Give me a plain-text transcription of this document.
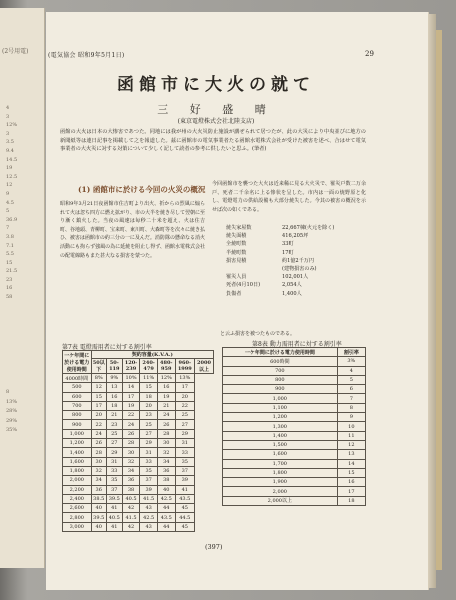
(2号用電)
4
3
12%
3
3.5
9.4
14.5
19
12.5
12
9
4.5
5
36.9
7
3.8
7.1
5.5
15
21.5
23
16
58
8
13%
28%
29%
35%
(電気協会 昭和9年5月1日)	29
函館市に大火の就て
三 好 盛 晴
(東京電燈株式会社北陸支店)
函館の大火は日本の大惨害であつた。同地には我が州の大火災防止施設が講ぜられて居つたが、此の大災により中央並びに地方の新聞紙等は連日記事を掲載して之を報道した。茲に函館市の電気事業者たる函館水電株式会社が受けた被害を述べ、合はせて電気事業者の大火災に対する対策について少しく記して読者の参考に供したいと思ふ。(筆者)
(1) 函館市に於ける今回の火災の概況
昭和9年3月21日夜函館市住吉町より出火、折からの烈風に煽られて火は忽ち四方に燃え拡がり、市の大半を焼き尽して翌朝に至り漸く鎮火した。当夜の風速は毎秒二十米を超え、火は住吉町、谷地頭、青柳町、宝来町、東川町、大森町等を次々に焼き払ひ、被害は函館市の約三分の一に及んだ。消防隊の懸命なる消火活動にも拘らず強風の為に延焼を阻止し得ず、函館水電株式会社の配電線路もまた甚大なる損害を蒙つた。
今回函館市を襲つた大火は近来稀に見る大火災で、罹災戸数二万余戸、死者二千余名に上る惨状を呈した。市内は一面の焼野原と化し、電燈電力の供給設備も大部分焼失した。今其の被害の概況を示せば次の如くである。
焼失家屋数	22,667棟(火元を除く)
焼失面積	416,205坪
全焼町数	33町
半焼町数	17町
損害見積	約1億2千万円
(建物損害のみ)
罹災人員	102,001人
死者(4月10日)	2,054人
負傷者	1,400人
と云ふ損害を被つたものである。
第7表 電燈需用者に対する割引率
一ケ年間に於ける電力使用時間	契約容量(K.V.A.)						
	50以下	50-119	120-239	240-479	480-959	960-1999	2000以上
4000時間	8%	9%	10%	11%	12%	13%	
500	12	13	14	15	16	17	
600	15	16	17	18	19	20	
700	17	18	19	20	21	22	
800	20	21	22	23	24	25	
900	22	23	24	25	26	27	
1,000	24	25	26	27	28	29	
1,200	26	27	28	29	30	31	
1,400	28	29	30	31	32	33	
1,600	30	31	32	33	34	35	
1,800	32	33	34	35	36	37	
2,000	34	35	36	37	38	39	
2,200	36	37	38	39	40	41	
2,400	38.5	39.5	40.5	41.5	42.5	43.5	
2,600	40	41	42	43	44	45	
2,800	39.5	40.5	41.5	42.5	43.5	44.5	
3,000	40	41	42	43	44	45	
第8表 動力需用者に対する割引率
一ケ年間に於ける電力使用時間	割引率
600時間	3%
700	4
800	5
900	6
1,000	7
1,100	8
1,200	9
1,300	10
1,400	11
1,500	12
1,600	13
1,700	14
1,800	15
1,900	16
2,000	17
2,000以上	18
(397)
